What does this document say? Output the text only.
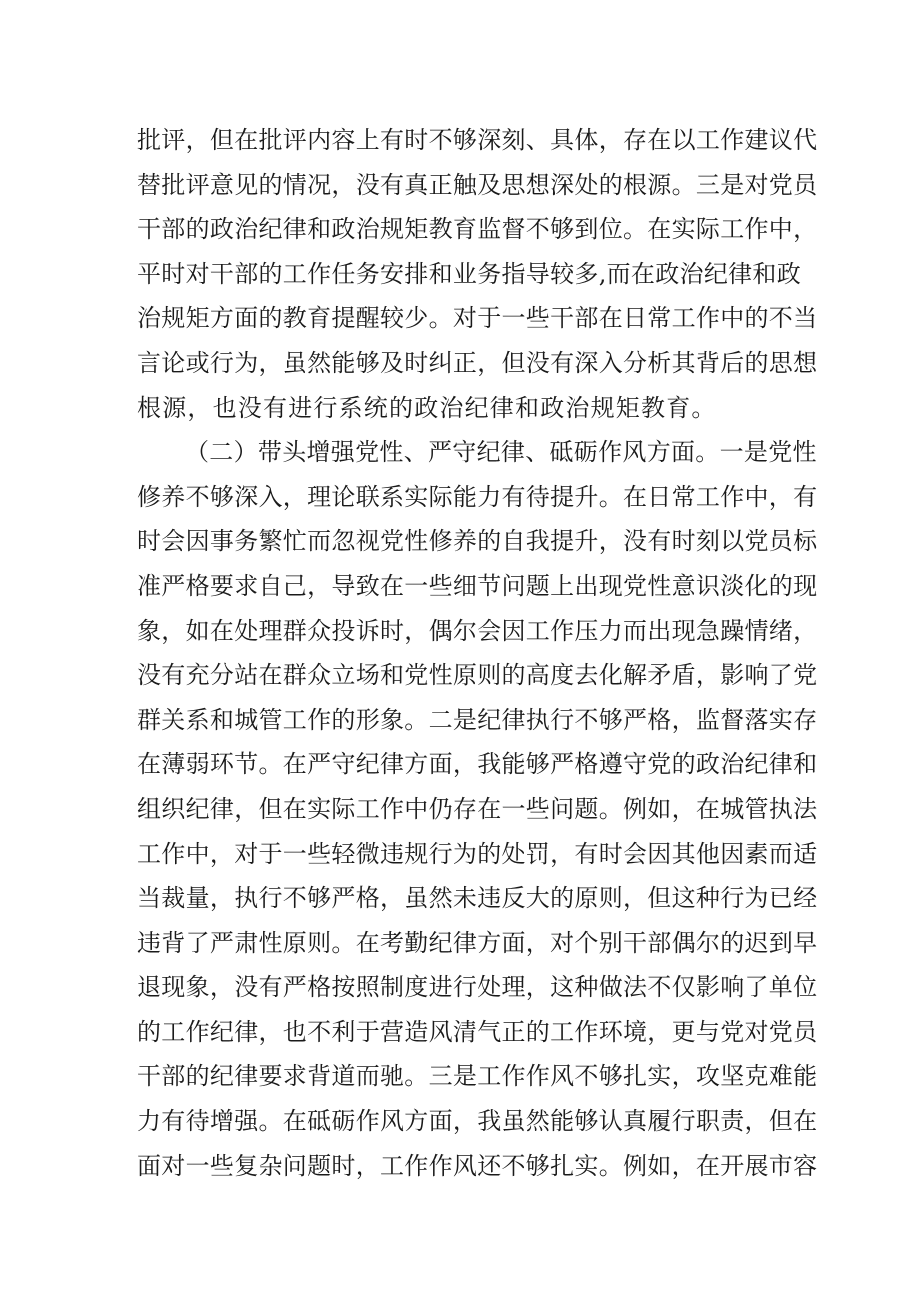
批评，但在批评内容上有时不够深刻、具体，存在以工作建议代
替批评意见的情况，没有真正触及思想深处的根源。三是对党员
干部的政治纪律和政治规矩教育监督不够到位。在实际工作中，
平时对干部的工作任务安排和业务指导较多,而在政治纪律和政
治规矩方面的教育提醒较少。对于一些干部在日常工作中的不当
言论或行为，虽然能够及时纠正，但没有深入分析其背后的思想
根源，也没有进行系统的政治纪律和政治规矩教育。
（二）带头增强党性、严守纪律、砥砺作风方面。一是党性
修养不够深入，理论联系实际能力有待提升。在日常工作中，有
时会因事务繁忙而忽视党性修养的自我提升，没有时刻以党员标
准严格要求自己，导致在一些细节问题上出现党性意识淡化的现
象，如在处理群众投诉时，偶尔会因工作压力而出现急躁情绪，
没有充分站在群众立场和党性原则的高度去化解矛盾，影响了党
群关系和城管工作的形象。二是纪律执行不够严格，监督落实存
在薄弱环节。在严守纪律方面，我能够严格遵守党的政治纪律和
组织纪律，但在实际工作中仍存在一些问题。例如，在城管执法
工作中，对于一些轻微违规行为的处罚，有时会因其他因素而适
当裁量，执行不够严格，虽然未违反大的原则，但这种行为已经
违背了严肃性原则。在考勤纪律方面，对个别干部偶尔的迟到早
退现象，没有严格按照制度进行处理，这种做法不仅影响了单位
的工作纪律，也不利于营造风清气正的工作环境，更与党对党员
干部的纪律要求背道而驰。三是工作作风不够扎实，攻坚克难能
力有待增强。在砥砺作风方面，我虽然能够认真履行职责，但在
面对一些复杂问题时，工作作风还不够扎实。例如，在开展市容
